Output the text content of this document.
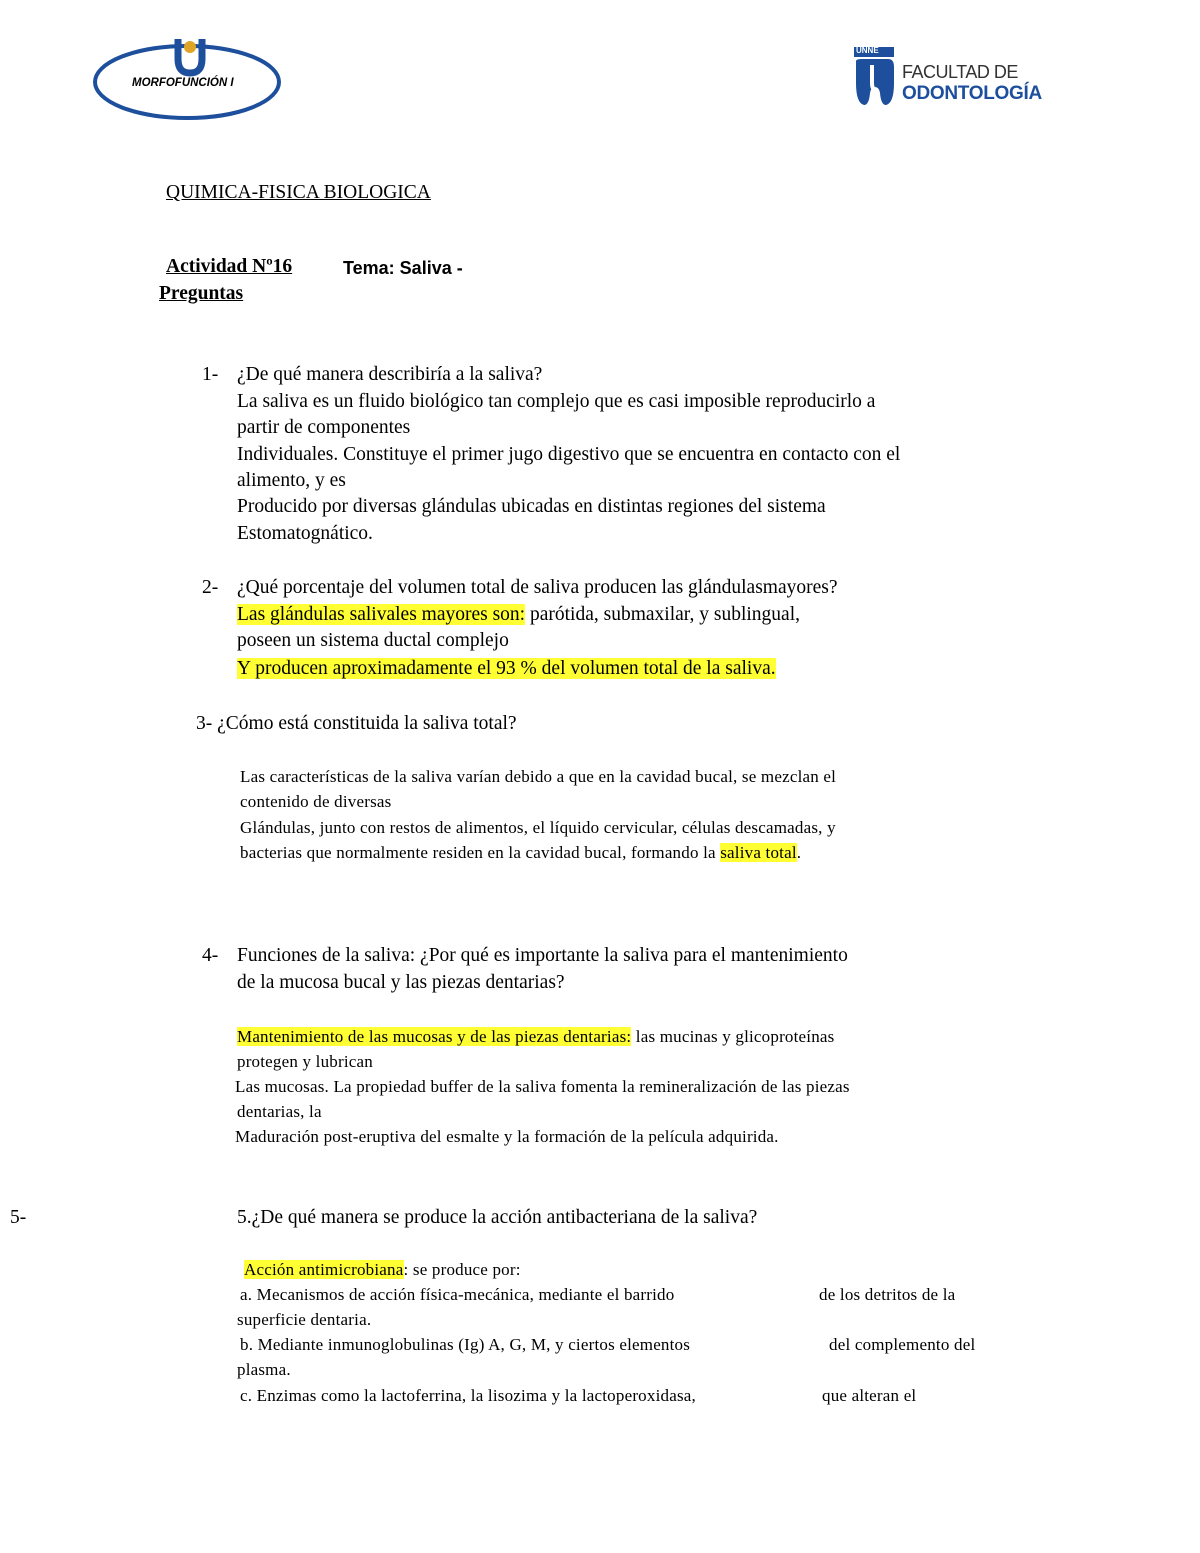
MORFOFUNCIÓN I
UNNE
FACULTAD DE
ODONTOLOGÍA
QUIMICA-FISICA BIOLOGICA
Actividad Nº16	Tema: Saliva -
Preguntas
1- ¿De qué manera describiría a la saliva?
La saliva es un fluido biológico tan complejo que es casi imposible reproducirlo a
partir de componentes
Individuales. Constituye el primer jugo digestivo que se encuentra en contacto con el
alimento, y es
Producido por diversas glándulas ubicadas en distintas regiones del sistema
Estomatognático.
2- ¿Qué porcentaje del volumen total de saliva producen las glándulasmayores?
Las glándulas salivales mayores son: parótida, submaxilar, y sublingual,
poseen un sistema ductal complejo
Y producen aproximadamente el 93 % del volumen total de la saliva.
3- ¿Cómo está constituida la saliva total?
Las características de la saliva varían debido a que en la cavidad bucal, se mezclan el
contenido de diversas
Glándulas, junto con restos de alimentos, el líquido cervicular, células descamadas, y
bacterias que normalmente residen en la cavidad bucal, formando la saliva total.
4- Funciones de la saliva: ¿Por qué es importante la saliva para el mantenimiento
de la mucosa bucal y las piezas dentarias?
Mantenimiento de las mucosas y de las piezas dentarias: las mucinas y glicoproteínas
protegen y lubrican
Las mucosas. La propiedad buffer de la saliva fomenta la remineralización de las piezas
dentarias, la
Maduración post-eruptiva del esmalte y la formación de la película adquirida.
5-	5.¿De qué manera se produce la acción antibacteriana de la saliva?
Acción antimicrobiana: se produce por:
a. Mecanismos de acción física-mecánica, mediante el barrido	de los detritos de la
superficie dentaria.
b. Mediante inmunoglobulinas (Ig) A, G, M, y ciertos elementos	del complemento del
plasma.
c. Enzimas como la lactoferrina, la lisozima y la lactoperoxidasa,	que alteran el
